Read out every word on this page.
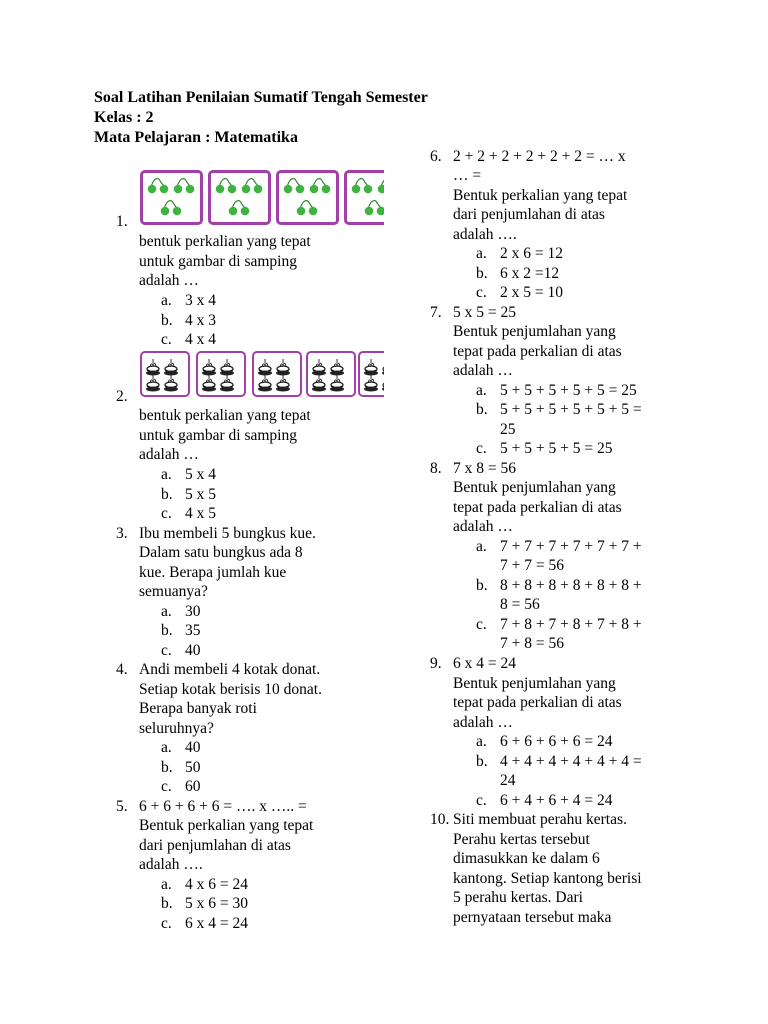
Soal Latihan Penilaian Sumatif Tengah Semester
Kelas : 2
Mata Pelajaran : Matematika
1.
bentuk perkalian yang tepat
untuk gambar di samping
adalah …
a. 3 x 4
b. 4 x 3
c. 4 x 4
2.
bentuk perkalian yang tepat
untuk gambar di samping
adalah …
a. 5 x 4
b. 5 x 5
c. 4 x 5
3. Ibu membeli 5 bungkus kue.
Dalam satu bungkus ada 8
kue. Berapa jumlah kue
semuanya?
a. 30
b. 35
c. 40
4. Andi membeli 4 kotak donat.
Setiap kotak berisis 10 donat.
Berapa banyak roti
seluruhnya?
a. 40
b. 50
c. 60
5. 6 + 6 + 6 + 6 = …. x ….. =
Bentuk perkalian yang tepat
dari penjumlahan di atas
adalah ….
a. 4 x 6 = 24
b. 5 x 6 = 30
c. 6 x 4 = 24
6. 2 + 2 + 2 + 2 + 2 + 2 = … x
… =
Bentuk perkalian yang tepat
dari penjumlahan di atas
adalah ….
a. 2 x 6 = 12
b. 6 x 2 =12
c. 2 x 5 = 10
7. 5 x 5 = 25
Bentuk penjumlahan yang
tepat pada perkalian di atas
adalah …
a. 5 + 5 + 5 + 5 + 5 = 25
b. 5 + 5 + 5 + 5 + 5 + 5 =
25
c. 5 + 5 + 5 + 5 = 25
8. 7 x 8 = 56
Bentuk penjumlahan yang
tepat pada perkalian di atas
adalah …
a. 7 + 7 + 7 + 7 + 7 + 7 +
7 + 7 = 56
b. 8 + 8 + 8 + 8 + 8 + 8 +
8 = 56
c. 7 + 8 + 7 + 8 + 7 + 8 +
7 + 8 = 56
9. 6 x 4 = 24
Bentuk penjumlahan yang
tepat pada perkalian di atas
adalah …
a. 6 + 6 + 6 + 6 = 24
b. 4 + 4 + 4 + 4 + 4 + 4 =
24
c. 6 + 4 + 6 + 4 = 24
10. Siti membuat perahu kertas.
Perahu kertas tersebut
dimasukkan ke dalam 6
kantong. Setiap kantong berisi
5 perahu kertas. Dari
pernyataan tersebut maka
